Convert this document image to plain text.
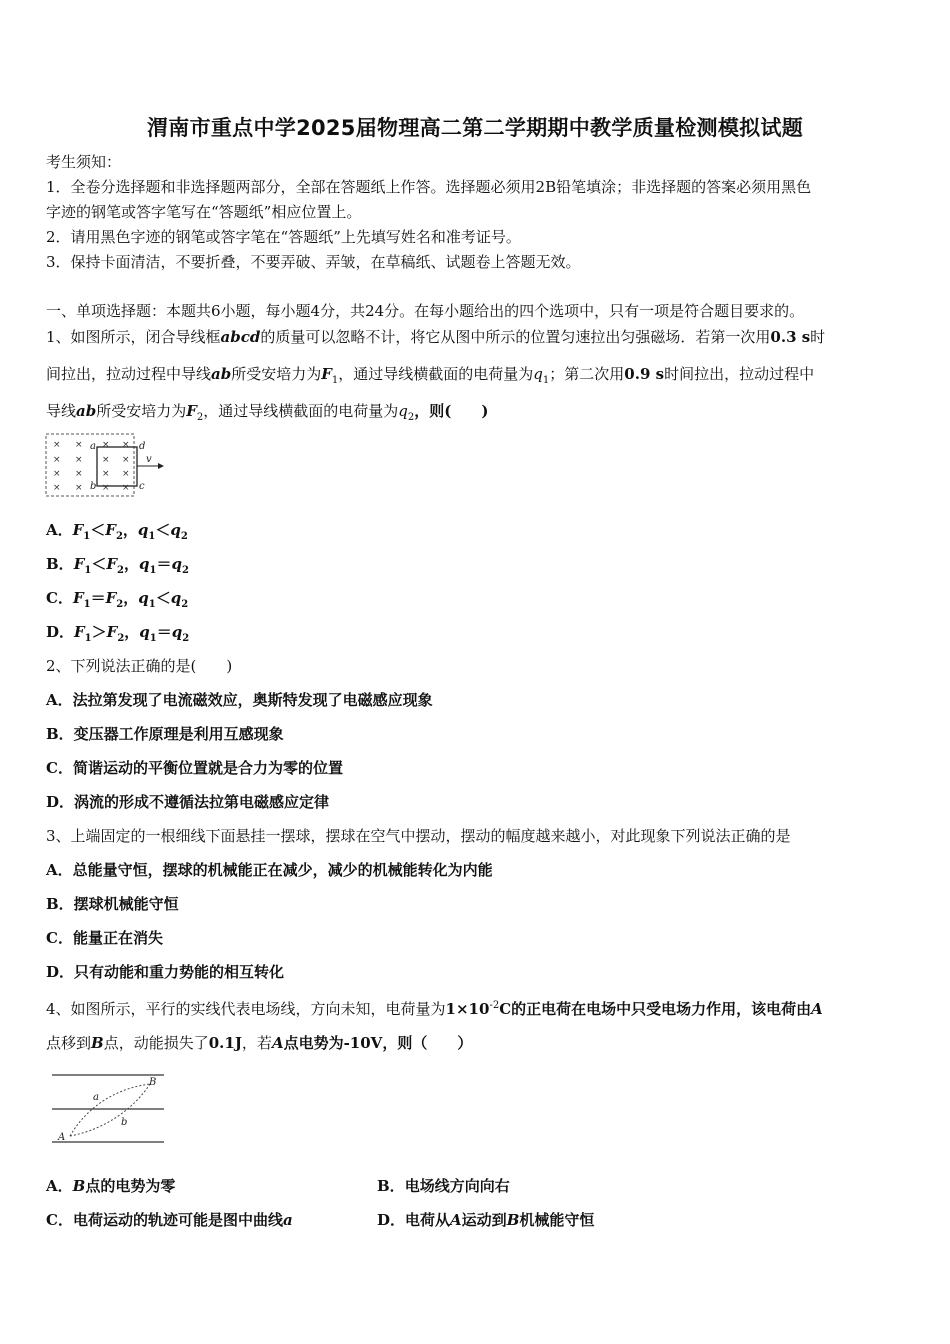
渭南市重点中学2025届物理高二第二学期期中教学质量检测模拟试题
考生须知：
1．全卷分选择题和非选择题两部分，全部在答题纸上作答。选择题必须用2B铅笔填涂；非选择题的答案必须用黑色
字迹的钢笔或答字笔写在“答题纸”相应位置上。
2．请用黑色字迹的钢笔或答字笔在“答题纸”上先填写姓名和准考证号。
3．保持卡面清洁，不要折叠，不要弄破、弄皱，在草稿纸、试题卷上答题无效。
一、单项选择题：本题共6小题，每小题4分，共24分。在每小题给出的四个选项中，只有一项是符合题目要求的。
1、如图所示，闭合导线框abcd的质量可以忽略不计，将它从图中所示的位置匀速拉出匀强磁场．若第一次用0.3 s时
间拉出，拉动过程中导线ab所受安培力为$F_1$，通过导线横截面的电荷量为$q_1$；第二次用0.9 s时间拉出，拉动过程中
导线ab所受安培力为$F_2$，通过导线横截面的电荷量为$q_2$，则(　　)
× ×
× ×
× ×
× ×
× ×
× ×
× ×
× ×
a
b	c
d
v
A．$F_1<F_2$，$q_1<q_2$
B．$F_1<F_2$，$q_1=q_2$
C．$F_1=F_2$，$q_1<q_2$
D．$F_1>F_2$，$q_1=q_2$
2、下列说法正确的是(　　)
A．法拉第发现了电流磁效应，奥斯特发现了电磁感应现象
B．变压器工作原理是利用互感现象
C．简谐运动的平衡位置就是合力为零的位置
D．涡流的形成不遵循法拉第电磁感应定律
3、上端固定的一根细线下面悬挂一摆球，摆球在空气中摆动，摆动的幅度越来越小，对此现象下列说法正确的是
A．总能量守恒，摆球的机械能正在减少，减少的机械能转化为内能
B．摆球机械能守恒
C．能量正在消失
D．只有动能和重力势能的相互转化
4、如图所示，平行的实线代表电场线，方向未知，电荷量为$1\times 10^{-2}C$的正电荷在电场中只受电场力作用，该电荷由A
点移到B点，动能损失了0.1J，若A点电势为-10V，则（　　）
A
B
a
b
A．B点的电势为零	B．电场线方向向右
C．电荷运动的轨迹可能是图中曲线a	D．电荷从A运动到B机械能守恒
